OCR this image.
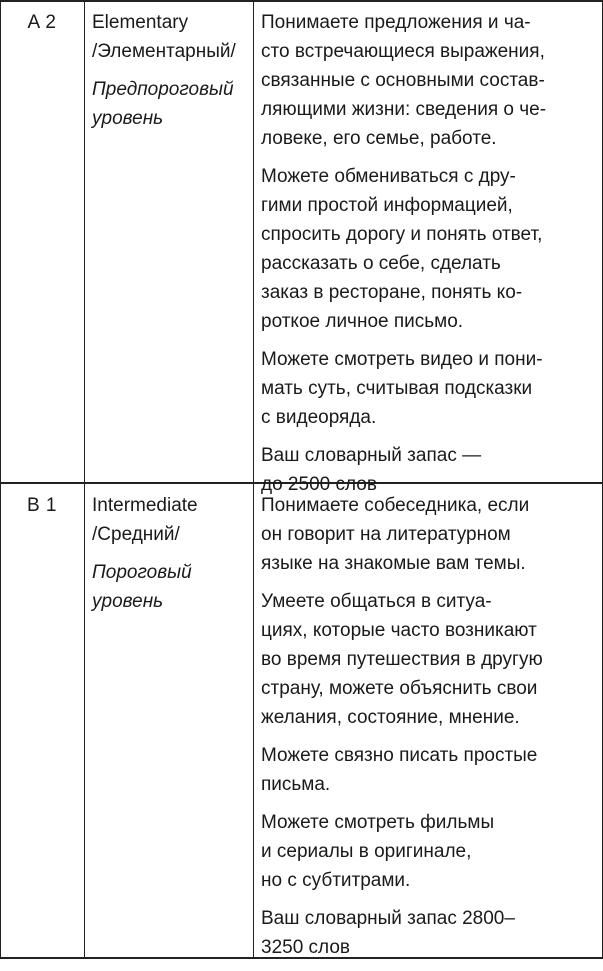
A 2	Elementary
/Элементарный/
Предпороговый
уровень
Понимаете предложения и ча-
сто встречающиеся выражения,
связанные с основными состав-
ляющими жизни: сведения о че-
ловеке, его семье, работе.
Можете обмениваться с дру-
гими простой информацией,
спросить дорогу и понять ответ,
рассказать о себе, сделать
заказ в ресторане, понять ко-
роткое личное письмо.
Можете смотреть видео и пони-
мать суть, считывая подсказки
с видеоряда.
Ваш словарный запас —
до 2500 слов
B 1	Intermediate
/Средний/
Пороговый
уровень
Понимаете собеседника, если
он говорит на литературном
языке на знакомые вам темы.
Умеете общаться в ситуа-
циях, которые часто возникают
во время путешествия в другую
страну, можете объяснить свои
желания, состояние, мнение.
Можете связно писать простые
письма.
Можете смотреть фильмы
и сериалы в оригинале,
но с субтитрами.
Ваш словарный запас 2800–
3250 слов
